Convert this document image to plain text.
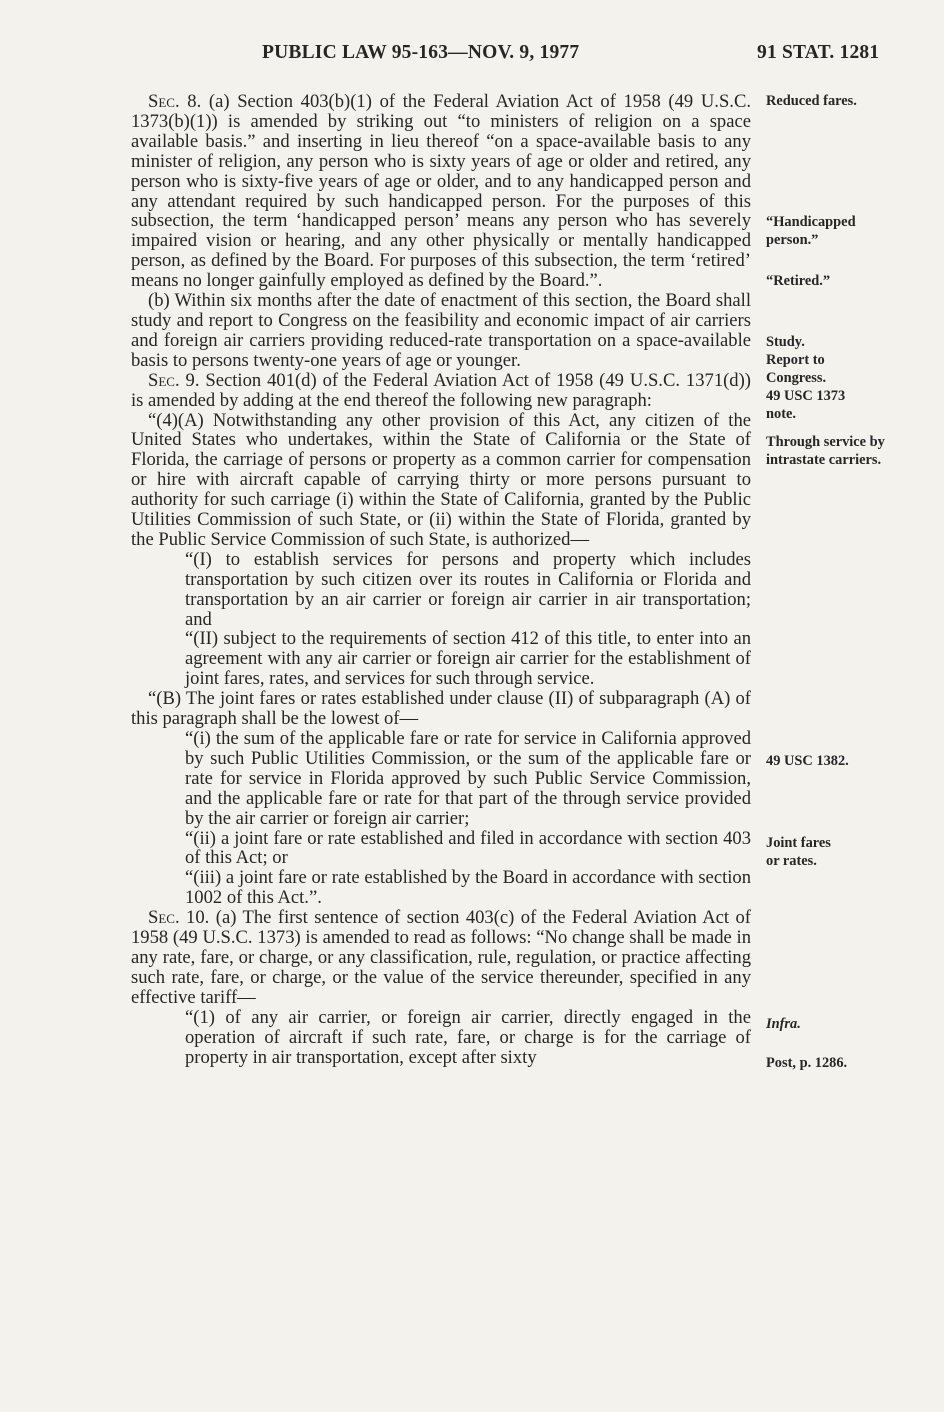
PUBLIC LAW 95-163—NOV. 9, 1977	91 STAT. 1281

Sec. 8. (a) Section 403(b)(1) of the Federal Aviation Act of 1958 (49 U.S.C. 1373(b)(1)) is amended by striking out “to ministers of religion on a space available basis.” and inserting in lieu thereof “on a space-available basis to any minister of religion, any person who is sixty years of age or older and retired, any person who is sixty-five years of age or older, and to any handicapped person and any attendant required by such handicapped person. For the purposes of this subsection, the term ‘handicapped person’ means any person who has severely impaired vision or hearing, and any other physically or mentally handicapped person, as defined by the Board. For purposes of this subsection, the term ‘retired’ means no longer gainfully employed as defined by the Board.”.

(b) Within six months after the date of enactment of this section, the Board shall study and report to Congress on the feasibility and economic impact of air carriers and foreign air carriers providing reduced-rate transportation on a space-available basis to persons twenty-one years of age or younger.

Sec. 9. Section 401(d) of the Federal Aviation Act of 1958 (49 U.S.C. 1371(d)) is amended by adding at the end thereof the following new paragraph:

“(4)(A) Notwithstanding any other provision of this Act, any citizen of the United States who undertakes, within the State of California or the State of Florida, the carriage of persons or property as a common carrier for compensation or hire with aircraft capable of carrying thirty or more persons pursuant to authority for such carriage (i) within the State of California, granted by the Public Utilities Commission of such State, or (ii) within the State of Florida, granted by the Public Service Commission of such State, is authorized—

“(I) to establish services for persons and property which includes transportation by such citizen over its routes in California or Florida and transportation by an air carrier or foreign air carrier in air transportation; and

“(II) subject to the requirements of section 412 of this title, to enter into an agreement with any air carrier or foreign air carrier for the establishment of joint fares, rates, and services for such through service.

“(B) The joint fares or rates established under clause (II) of subparagraph (A) of this paragraph shall be the lowest of—

“(i) the sum of the applicable fare or rate for service in California approved by such Public Utilities Commission, or the sum of the applicable fare or rate for service in Florida approved by such Public Service Commission, and the applicable fare or rate for that part of the through service provided by the air carrier or foreign air carrier;

“(ii) a joint fare or rate established and filed in accordance with section 403 of this Act; or

“(iii) a joint fare or rate established by the Board in accordance with section 1002 of this Act.”.

Sec. 10. (a) The first sentence of section 403(c) of the Federal Aviation Act of 1958 (49 U.S.C. 1373) is amended to read as follows: “No change shall be made in any rate, fare, or charge, or any classification, rule, regulation, or practice affecting such rate, fare, or charge, or the value of the service thereunder, specified in any effective tariff—

“(1) of any air carrier, or foreign air carrier, directly engaged in the operation of aircraft if such rate, fare, or charge is for the carriage of property in air transportation, except after sixty

Reduced fares.
“Handicapped person.”
“Retired.”
Study.
Report to Congress.
49 USC 1373 note.
Through service by intrastate carriers.
49 USC 1382.
Joint fares or rates.
Infra.
Post, p. 1286.
